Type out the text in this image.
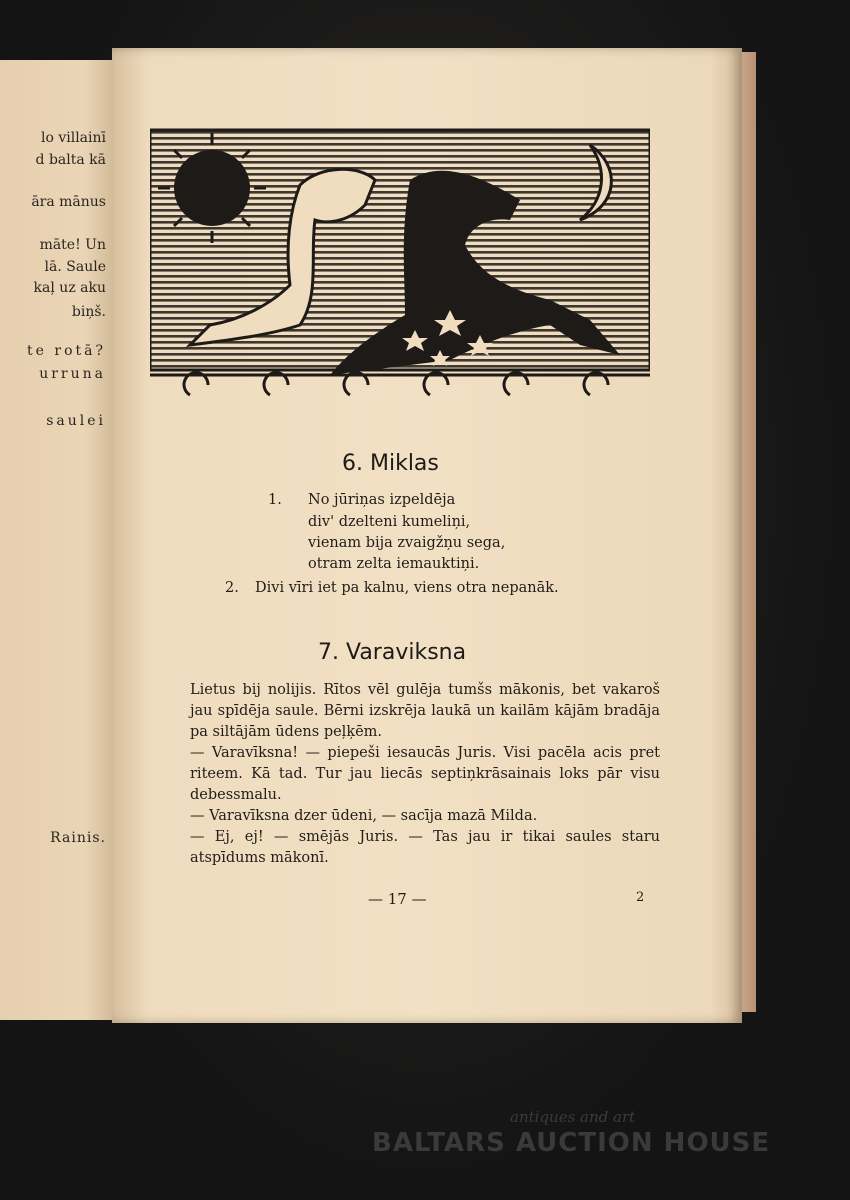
lo villainī
d balta kā
āra mānus
māte! Un
lā. Saule
kaļ uz aku
biņš.
te rotā?
urruna
saulei
Rainis.
6. Miklas
1. No jūriņas izpeldēja
div' dzelteni kumeliņi,
vienam bija zvaigžņu sega,
otram zelta iemauktiņi.
2. Divi vīri iet pa kalnu, viens otra nepanāk.
7. Varaviksna
Lietus bij nolijis. Rītos vēl gulēja tumšs mākonis, bet vakaroš jau spīdēja saule. Bērni izskrēja laukā un kailām kājām bradāja pa siltājām ūdens peļķēm.
— Varavīksna! — piepeši iesaucās Juris. Visi pacēla acis pret riteem. Kā tad. Tur jau liecās septiņkrāsainais loks pār visu debessmalu.
— Varavīksna dzer ūdeni, — sacīja mazā Milda.
— Ej, ej! — smējās Juris. — Tas jau ir tikai saules staru atspīdums mākonī.
— 17 —	2
antiques and art
BALTARS AUCTION HOUSE
